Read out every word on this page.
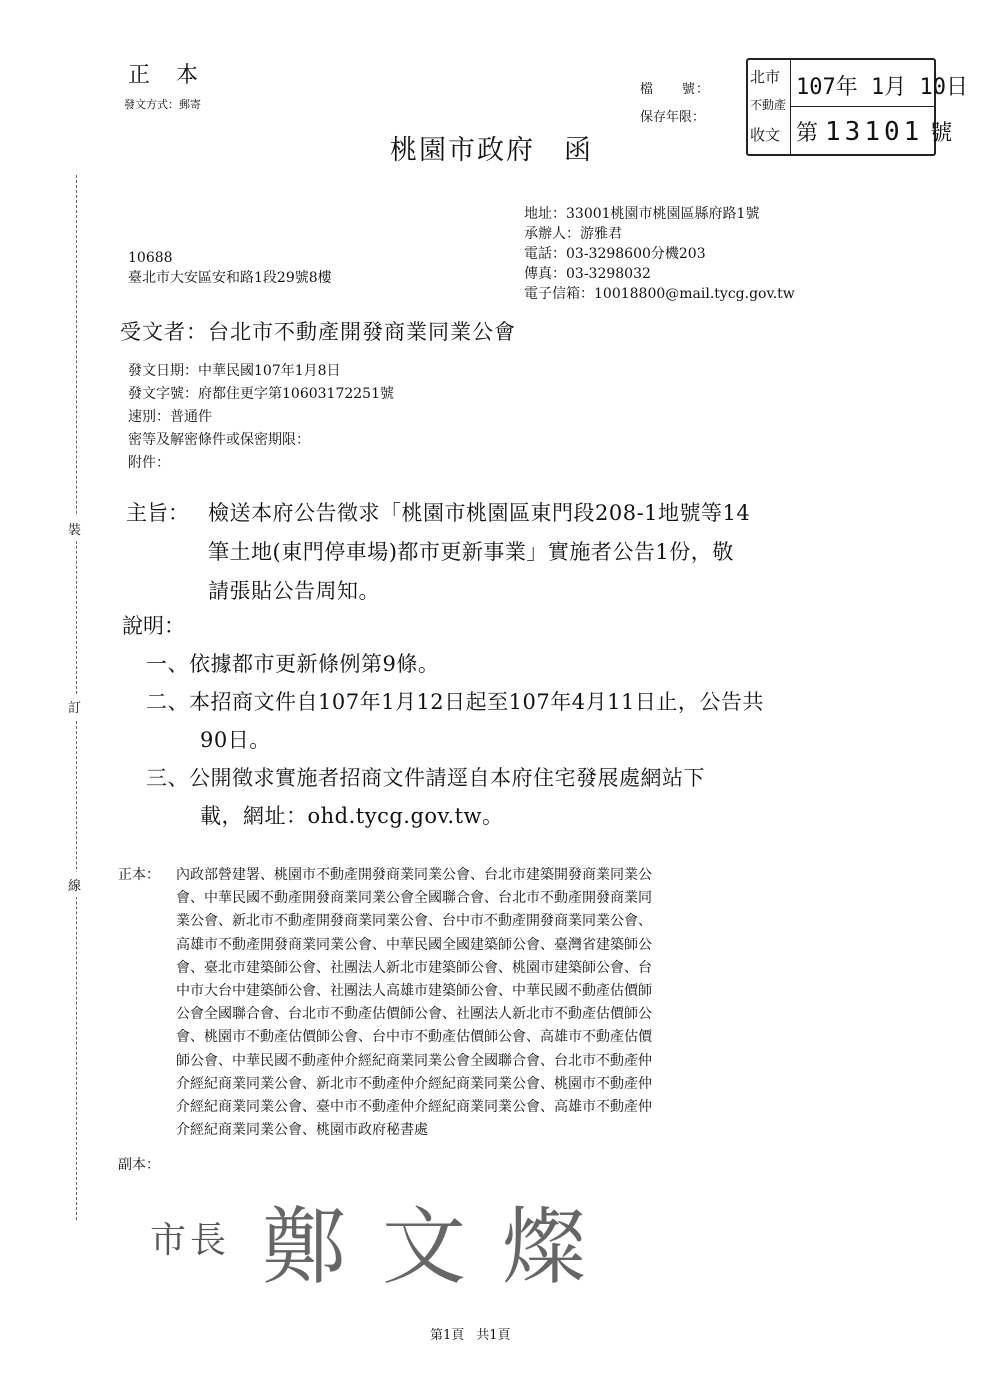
裝
訂
線
正本
發文方式：郵寄
檔　　號：
保存年限：
桃園市政府　函
北市
不動產
收文
107年 1月 10日
第 13101 號
地址：33001桃園市桃園區縣府路1號
承辦人：游雅君
電話：03-3298600分機203
傳真：03-3298032
電子信箱：10018800@mail.tycg.gov.tw
10688
臺北市大安區安和路1段29號8樓
受文者：台北市不動產開發商業同業公會
發文日期：中華民國107年1月8日
發文字號：府都住更字第10603172251號
速別：普通件
密等及解密條件或保密期限：
附件：
主旨： 檢送本府公告徵求「桃園市桃園區東門段208-1地號等14
筆土地(東門停車場)都市更新事業」實施者公告1份，敬
請張貼公告周知。
說明：
一、依據都市更新條例第9條。
二、本招商文件自107年1月12日起至107年4月11日止，公告共
90日。
三、公開徵求實施者招商文件請逕自本府住宅發展處網站下
載，網址：ohd.tycg.gov.tw。
正本： 內政部營建署、桃園市不動產開發商業同業公會、台北市建築開發商業同業公
會、中華民國不動產開發商業同業公會全國聯合會、台北市不動產開發商業同
業公會、新北市不動產開發商業同業公會、台中市不動產開發商業同業公會、
高雄市不動產開發商業同業公會、中華民國全國建築師公會、臺灣省建築師公
會、臺北市建築師公會、社團法人新北市建築師公會、桃園市建築師公會、台
中市大台中建築師公會、社團法人高雄市建築師公會、中華民國不動產估價師
公會全國聯合會、台北市不動產估價師公會、社團法人新北市不動產估價師公
會、桃園市不動產估價師公會、台中市不動產估價師公會、高雄市不動產估價
師公會、中華民國不動產仲介經紀商業同業公會全國聯合會、台北市不動產仲
介經紀商業同業公會、新北市不動產仲介經紀商業同業公會、桃園市不動產仲
介經紀商業同業公會、臺中市不動產仲介經紀商業同業公會、高雄市不動產仲
介經紀商業同業公會、桃園市政府秘書處
副本：
市長 鄭文燦
第1頁 共1頁
